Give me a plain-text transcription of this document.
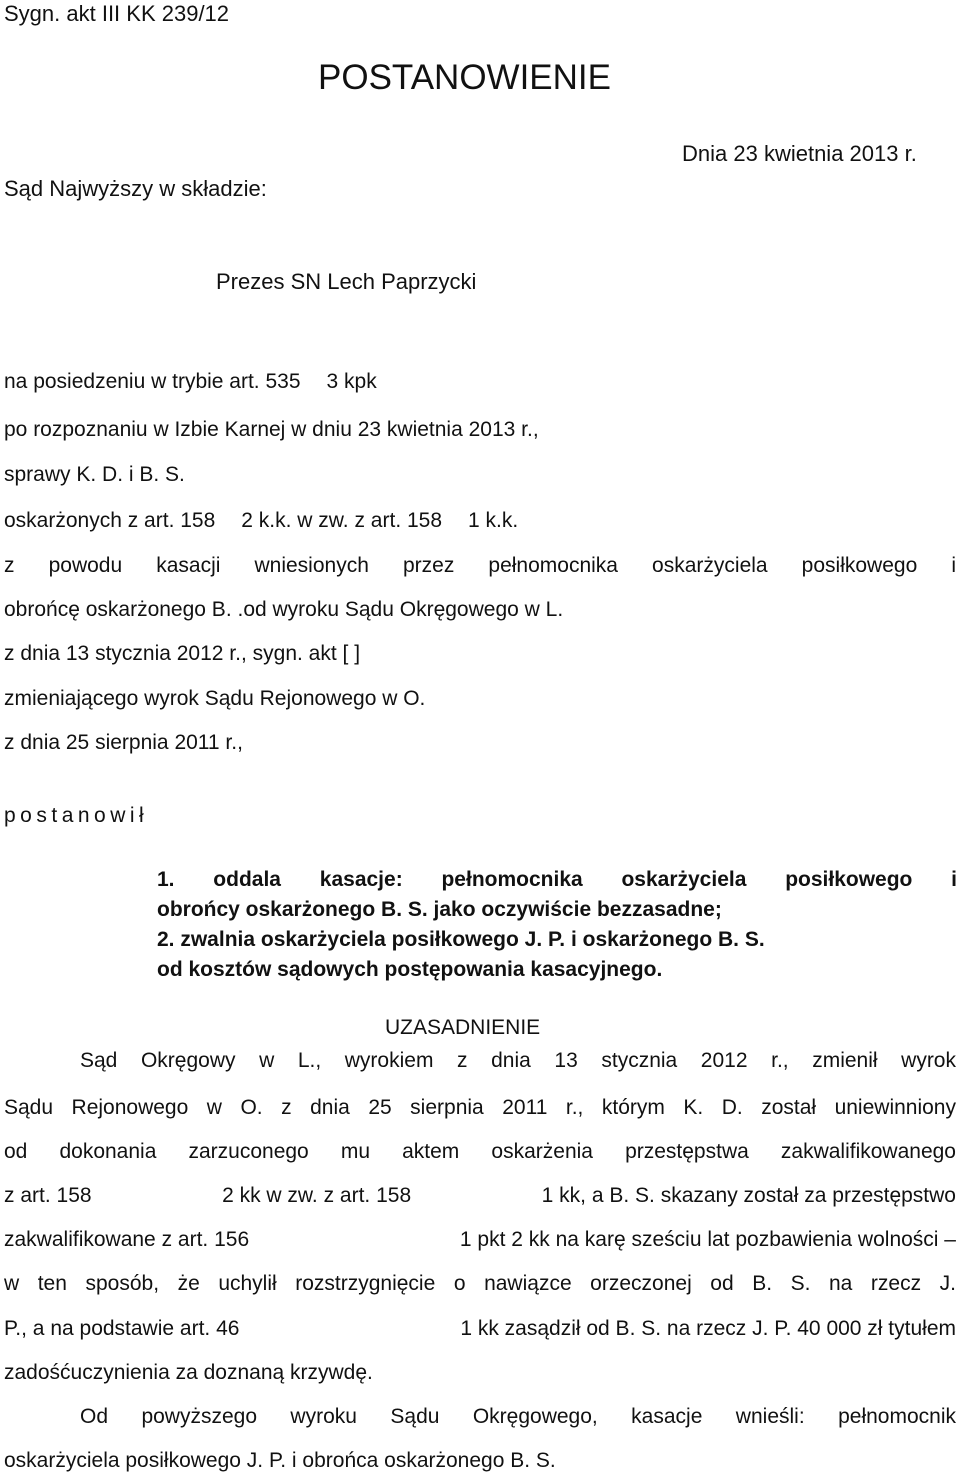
Sygn. akt III KK 239/12
POSTANOWIENIE
Dnia 23 kwietnia 2013 r.
Sąd Najwyższy w składzie:
Prezes SN Lech Paprzycki
na posiedzeniu w trybie art. 535 3 kpk
po rozpoznaniu w Izbie Karnej w dniu 23 kwietnia 2013 r.,
sprawy K. D. i B. S.
oskarżonych z art. 158 2 k.k. w zw. z art. 158 1 k.k.
z powodu kasacji wniesionych przez pełnomocnika oskarżyciela posiłkowego i
obrońcę oskarżonego B. .od wyroku Sądu Okręgowego w L.
z dnia 13 stycznia 2012 r., sygn. akt [ ]
zmieniającego wyrok Sądu Rejonowego w O.
z dnia 25 sierpnia 2011 r.,
postanowił
1. oddala kasacje: pełnomocnika oskarżyciela posiłkowego i
obrońcy oskarżonego B. S. jako oczywiście bezzasadne;
2. zwalnia oskarżyciela posiłkowego J. P. i oskarżonego B. S.
od kosztów sądowych postępowania kasacyjnego.
UZASADNIENIE
Sąd Okręgowy w L., wyrokiem z dnia 13 stycznia 2012 r., zmienił wyrok
Sądu Rejonowego w O. z dnia 25 sierpnia 2011 r., którym K. D. został uniewinniony
od dokonania zarzuconego mu aktem oskarżenia przestępstwa zakwalifikowanego
z art. 158	2 kk w zw. z art. 158	1 kk, a B. S. skazany został za przestępstwo
zakwalifikowane z art. 156	1 pkt 2 kk na karę sześciu lat pozbawienia wolności –
w ten sposób, że uchylił rozstrzygnięcie o nawiązce orzeczonej od B. S. na rzecz J.
P., a na podstawie art. 46	1 kk zasądził od B. S. na rzecz J. P. 40 000 zł tytułem
zadośćuczynienia za doznaną krzywdę.
Od powyższego wyroku Sądu Okręgowego, kasacje wnieśli: pełnomocnik
oskarżyciela posiłkowego J. P. i obrońca oskarżonego B. S.
